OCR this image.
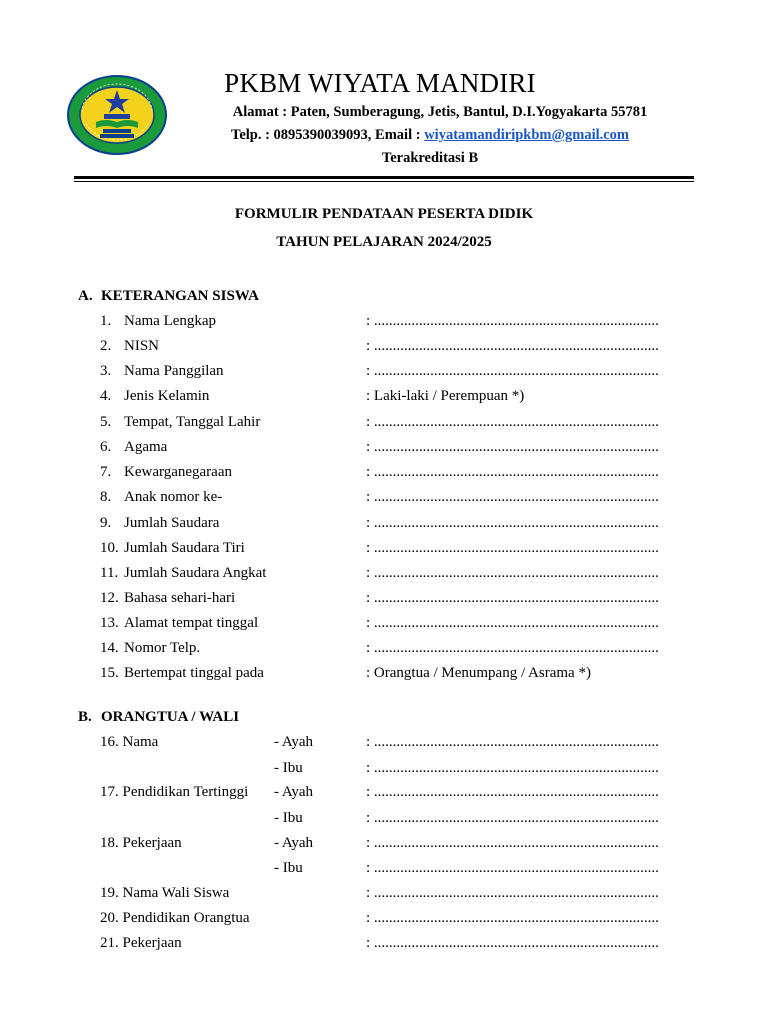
PKBM WIYATA MANDIRI
Alamat : Paten, Sumberagung, Jetis, Bantul, D.I.Yogyakarta 55781
Telp. : 0895390039093, Email : wiyatamandiripkbm@gmail.com
Terakreditasi B
FORMULIR PENDATAAN PESERTA DIDIK
TAHUN PELAJARAN 2024/2025
A. KETERANGAN SISWA
1. Nama Lengkap	: ............................................................................
2. NISN	: ............................................................................
3. Nama Panggilan	: ............................................................................
4. Jenis Kelamin	: Laki-laki / Perempuan *)
5. Tempat, Tanggal Lahir	: ............................................................................
6. Agama	: ............................................................................
7. Kewarganegaraan	: ............................................................................
8. Anak nomor ke-	: ............................................................................
9. Jumlah Saudara	: ............................................................................
10. Jumlah Saudara Tiri	: ............................................................................
11. Jumlah Saudara Angkat	: ............................................................................
12. Bahasa sehari-hari	: ............................................................................
13. Alamat tempat tinggal	: ............................................................................
14. Nomor Telp.	: ............................................................................
15. Bertempat tinggal pada	: Orangtua / Menumpang / Asrama *)
B. ORANGTUA / WALI
16. Nama	- Ayah	: ............................................................................
- Ibu	: ............................................................................
17. Pendidikan Tertinggi - Ayah	: ............................................................................
- Ibu	: ............................................................................
18. Pekerjaan	- Ayah	: ............................................................................
- Ibu	: ............................................................................
19. Nama Wali Siswa	: ............................................................................
20. Pendidikan Orangtua	: ............................................................................
21. Pekerjaan	: ............................................................................
